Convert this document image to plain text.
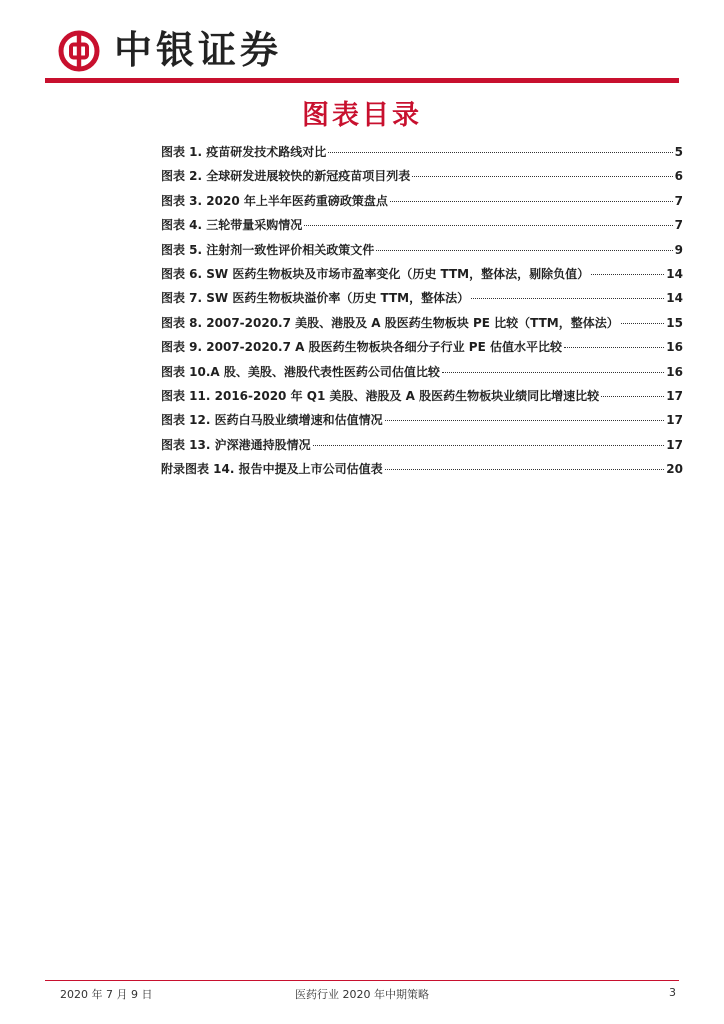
中银证券
图表目录
图表 1. 疫苗研发技术路线对比	5
图表 2. 全球研发进展较快的新冠疫苗项目列表	6
图表 3. 2020 年上半年医药重磅政策盘点	7
图表 4. 三轮带量采购情况	7
图表 5. 注射剂一致性评价相关政策文件	9
图表 6. SW 医药生物板块及市场市盈率变化（历史 TTM，整体法，剔除负值）	14
图表 7. SW 医药生物板块溢价率（历史 TTM，整体法）	14
图表 8. 2007-2020.7 美股、港股及 A 股医药生物板块 PE 比较（TTM，整体法）	15
图表 9. 2007-2020.7 A 股医药生物板块各细分子行业 PE 估值水平比较	16
图表 10.A 股、美股、港股代表性医药公司估值比较	16
图表 11. 2016-2020 年 Q1 美股、港股及 A 股医药生物板块业绩同比增速比较	17
图表 12. 医药白马股业绩增速和估值情况	17
图表 13. 沪深港通持股情况	17
附录图表 14. 报告中提及上市公司估值表	20
2020 年 7 月 9 日	医药行业 2020 年中期策略	3
